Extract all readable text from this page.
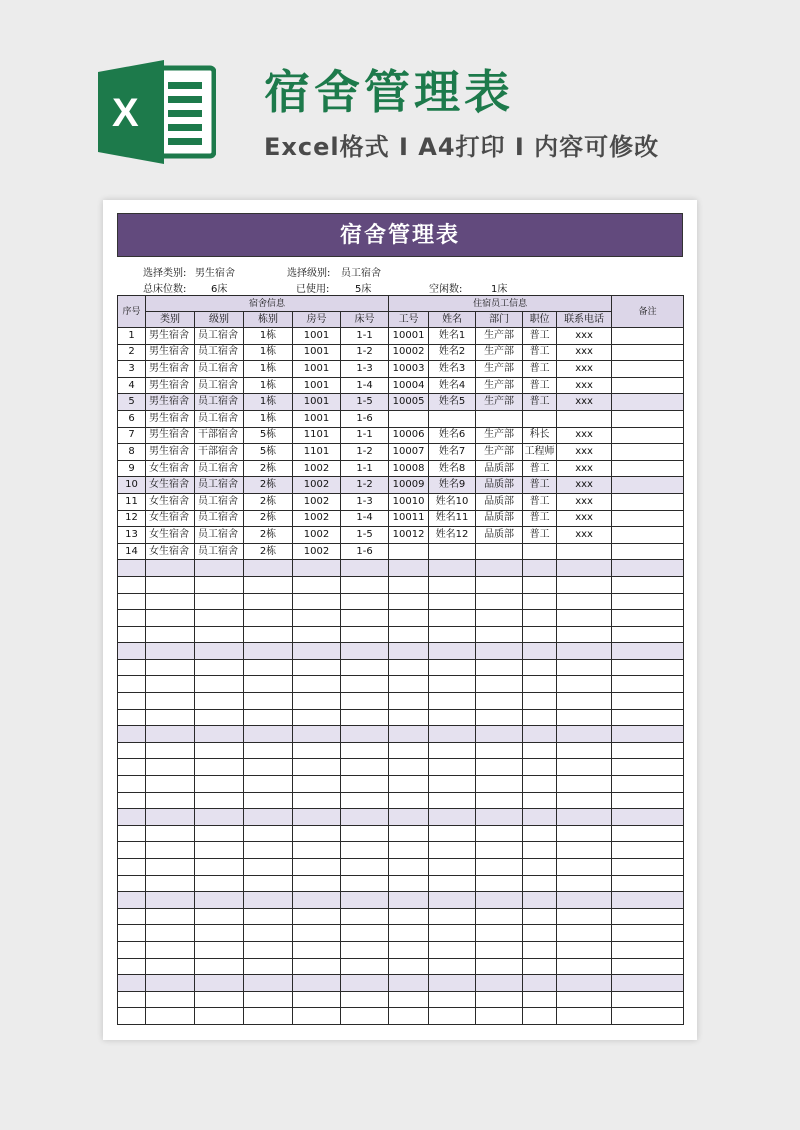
X	宿舍管理表
Excel格式 Ι A4打印 Ι 内容可修改
宿舍管理表
选择类别: 男生宿舍	选择级别: 员工宿舍
总床位数: 6床	已使用:	5床	空闲数:	1床
序号	宿舍信息					住宿员工信息					备注
	类别	级别	栋别	房号	床号	工号	姓名	部门	职位	联系电话	
1	男生宿舍	员工宿舍	1栋	1001	1-1	10001	姓名1	生产部	普工	xxx	
2	男生宿舍	员工宿舍	1栋	1001	1-2	10002	姓名2	生产部	普工	xxx	
3	男生宿舍	员工宿舍	1栋	1001	1-3	10003	姓名3	生产部	普工	xxx	
4	男生宿舍	员工宿舍	1栋	1001	1-4	10004	姓名4	生产部	普工	xxx	
5	男生宿舍	员工宿舍	1栋	1001	1-5	10005	姓名5	生产部	普工	xxx	
6	男生宿舍	员工宿舍	1栋	1001	1-6						
7	男生宿舍	干部宿舍	5栋	1101	1-1	10006	姓名6	生产部	科长	xxx	
8	男生宿舍	干部宿舍	5栋	1101	1-2	10007	姓名7	生产部	工程师	xxx	
9	女生宿舍	员工宿舍	2栋	1002	1-1	10008	姓名8	品质部	普工	xxx	
10	女生宿舍	员工宿舍	2栋	1002	1-2	10009	姓名9	品质部	普工	xxx	
11	女生宿舍	员工宿舍	2栋	1002	1-3	10010	姓名10	品质部	普工	xxx	
12	女生宿舍	员工宿舍	2栋	1002	1-4	10011	姓名11	品质部	普工	xxx	
13	女生宿舍	员工宿舍	2栋	1002	1-5	10012	姓名12	品质部	普工	xxx	
14	女生宿舍	员工宿舍	2栋	1002	1-6						
